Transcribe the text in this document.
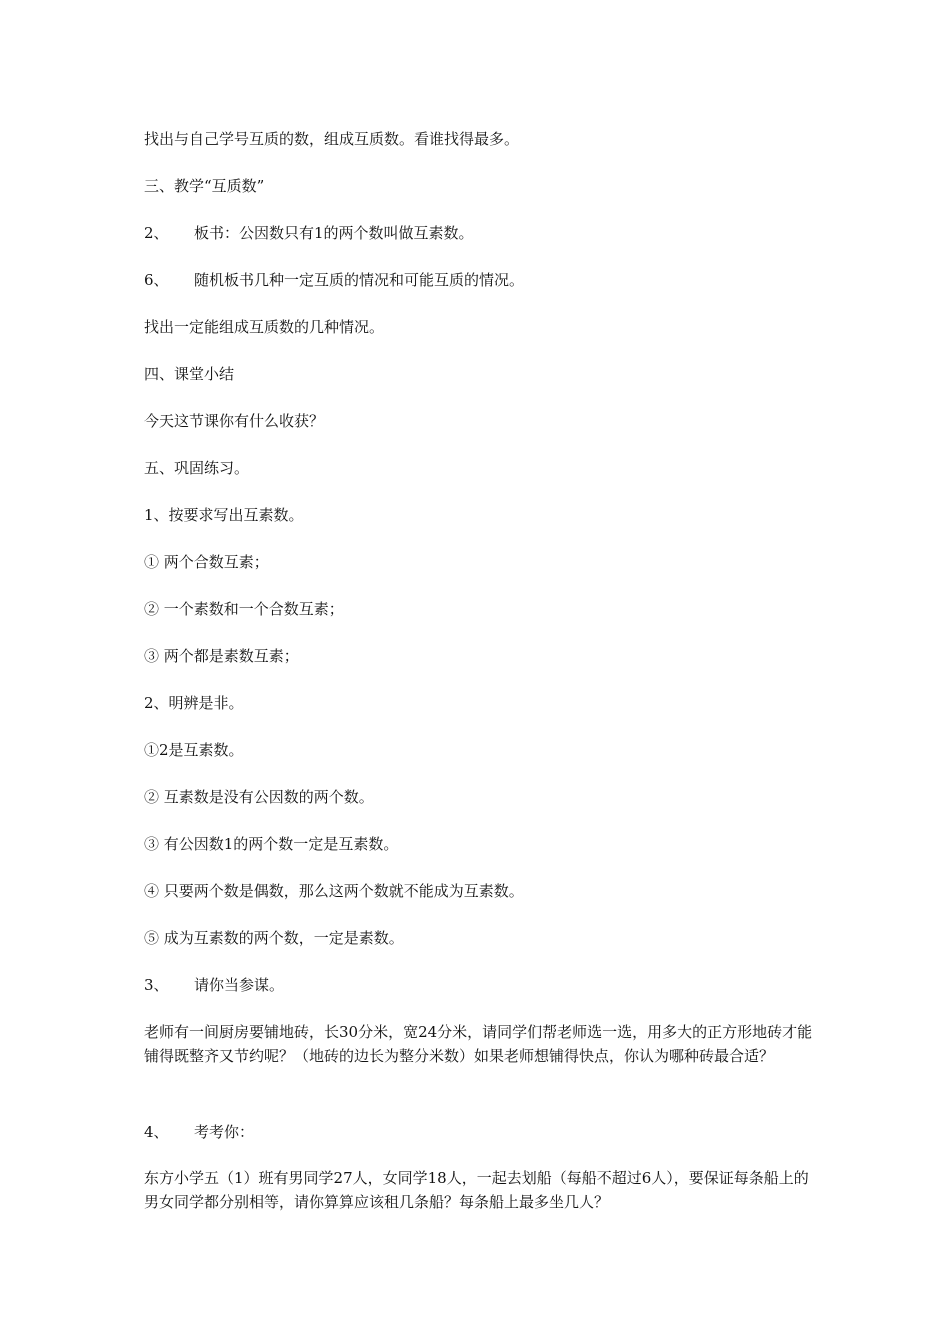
找出与自己学号互质的数，组成互质数。看谁找得最多。
三、教学“互质数”
2、 板书：公因数只有1的两个数叫做互素数。
6、 随机板书几种一定互质的情况和可能互质的情况。
找出一定能组成互质数的几种情况。
四、课堂小结
今天这节课你有什么收获？
五、巩固练习。
1、按要求写出互素数。
① 两个合数互素；
② 一个素数和一个合数互素；
③ 两个都是素数互素；
2、明辨是非。
①2是互素数。
② 互素数是没有公因数的两个数。
③ 有公因数1的两个数一定是互素数。
④ 只要两个数是偶数，那么这两个数就不能成为互素数。
⑤ 成为互素数的两个数，一定是素数。
3、 请你当参谋。
老师有一间厨房要铺地砖，长30分米，宽24分米，请同学们帮老师选一选，用多大的正方形地砖才能铺得既整齐又节约呢？（地砖的边长为整分米数）如果老师想铺得快点，你认为哪种砖最合适？
4、 考考你：
东方小学五（1）班有男同学27人，女同学18人，一起去划船（每船不超过6人），要保证每条船上的男女同学都分别相等，请你算算应该租几条船？每条船上最多坐几人？
